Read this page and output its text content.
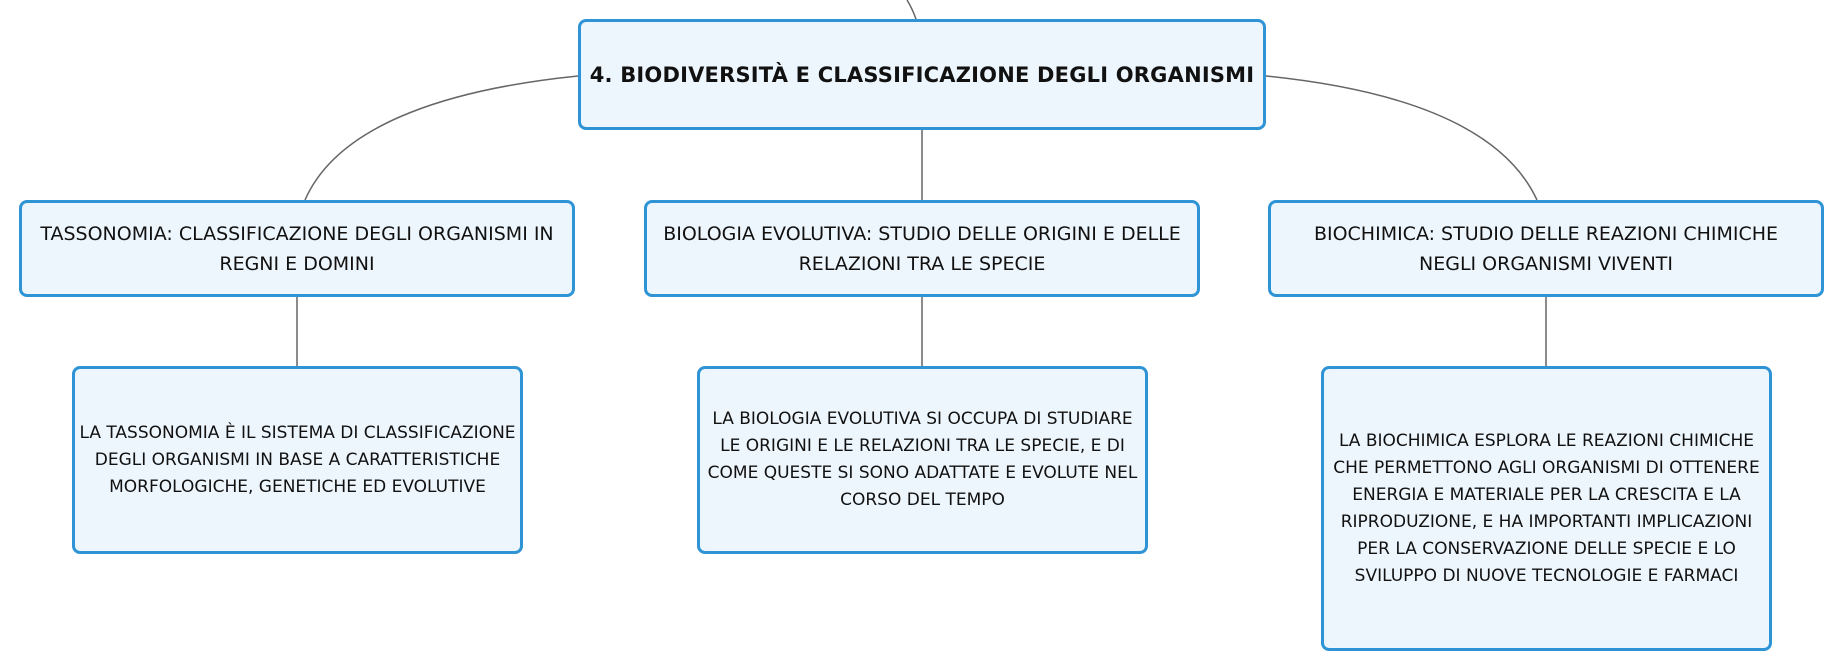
4. BIODIVERSITÀ E CLASSIFICAZIONE DEGLI ORGANISMI
TASSONOMIA: CLASSIFICAZIONE DEGLI ORGANISMI IN REGNI E DOMINI
BIOLOGIA EVOLUTIVA: STUDIO DELLE ORIGINI E DELLE RELAZIONI TRA LE SPECIE
BIOCHIMICA: STUDIO DELLE REAZIONI CHIMICHE NEGLI ORGANISMI VIVENTI
LA TASSONOMIA È IL SISTEMA DI CLASSIFICAZIONE DEGLI ORGANISMI IN BASE A CARATTERISTICHE MORFOLOGICHE, GENETICHE ED EVOLUTIVE
LA BIOLOGIA EVOLUTIVA SI OCCUPA DI STUDIARE LE ORIGINI E LE RELAZIONI TRA LE SPECIE, E DI COME QUESTE SI SONO ADATTATE E EVOLUTE NEL CORSO DEL TEMPO
LA BIOCHIMICA ESPLORA LE REAZIONI CHIMICHE CHE PERMETTONO AGLI ORGANISMI DI OTTENERE ENERGIA E MATERIALE PER LA CRESCITA E LA RIPRODUZIONE, E HA IMPORTANTI IMPLICAZIONI PER LA CONSERVAZIONE DELLE SPECIE E LO SVILUPPO DI NUOVE TECNOLOGIE E FARMACI
